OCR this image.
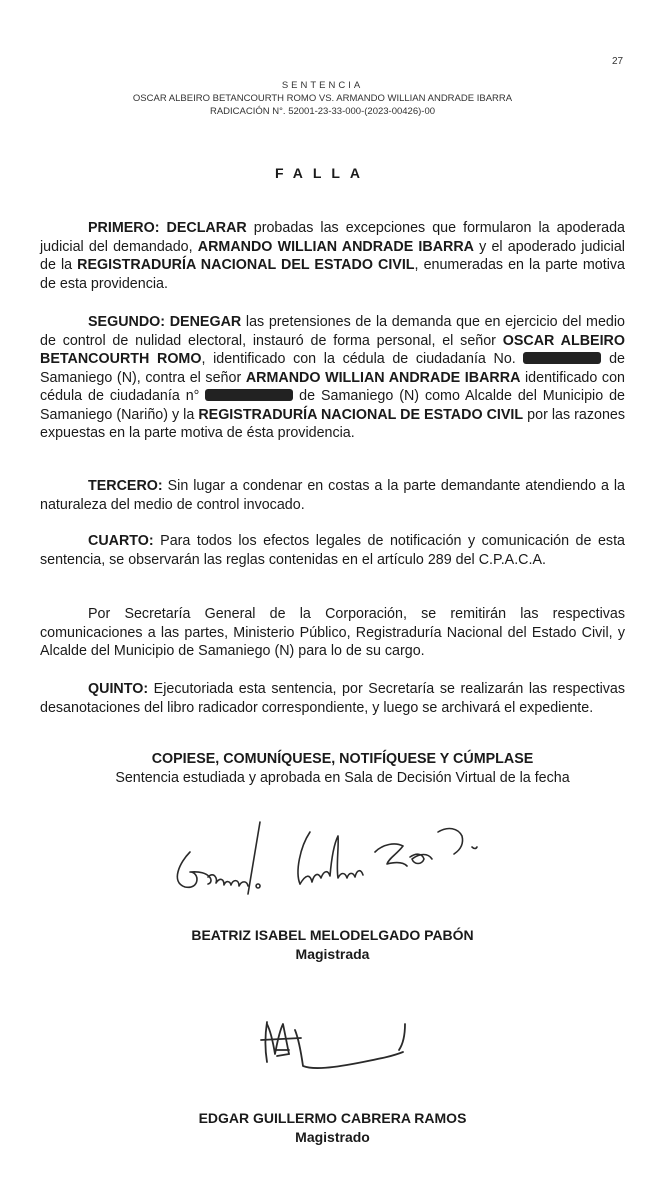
27
SENTENCIA
OSCAR ALBEIRO BETANCOURTH ROMO VS. ARMANDO WILLIAN ANDRADE IBARRA
RADICACIÓN N°. 52001-23-33-000-(2023-00426)-00
FALLA

PRIMERO: DECLARAR probadas las excepciones que formularon la apoderada judicial del demandado, ARMANDO WILLIAN ANDRADE IBARRA y el apoderado judicial de la REGISTRADURÍA NACIONAL DEL ESTADO CIVIL, enumeradas en la parte motiva de esta providencia.

SEGUNDO: DENEGAR las pretensiones de la demanda que en ejercicio del medio de control de nulidad electoral, instauró de forma personal, el señor OSCAR ALBEIRO BETANCOURTH ROMO, identificado con la cédula de ciudadanía No.	de Samaniego (N), contra el señor ARMANDO WILLIAN ANDRADE IBARRA identificado con cédula de ciudadanía n°	de Samaniego (N) como Alcalde del Municipio de Samaniego (Nariño) y la REGISTRADURÍA NACIONAL DE ESTADO CIVIL por las razones expuestas en la parte motiva de ésta providencia.

TERCERO: Sin lugar a condenar en costas a la parte demandante atendiendo a la naturaleza del medio de control invocado.

CUARTO: Para todos los efectos legales de notificación y comunicación de esta sentencia, se observarán las reglas contenidas en el artículo 289 del C.P.A.C.A.

Por Secretaría General de la Corporación, se remitirán las respectivas comunicaciones a las partes, Ministerio Público, Registraduría Nacional del Estado Civil, y Alcalde del Municipio de Samaniego (N) para lo de su cargo.

QUINTO: Ejecutoriada esta sentencia, por Secretaría se realizarán las respectivas desanotaciones del libro radicador correspondiente, y luego se archivará el expediente.

COPIESE, COMUNÍQUESE, NOTIFÍQUESE Y CÚMPLASE
Sentencia estudiada y aprobada en Sala de Decisión Virtual de la fecha
BEATRIZ ISABEL MELODELGADO PABÓN
Magistrada
EDGAR GUILLERMO CABRERA RAMOS
Magistrado
